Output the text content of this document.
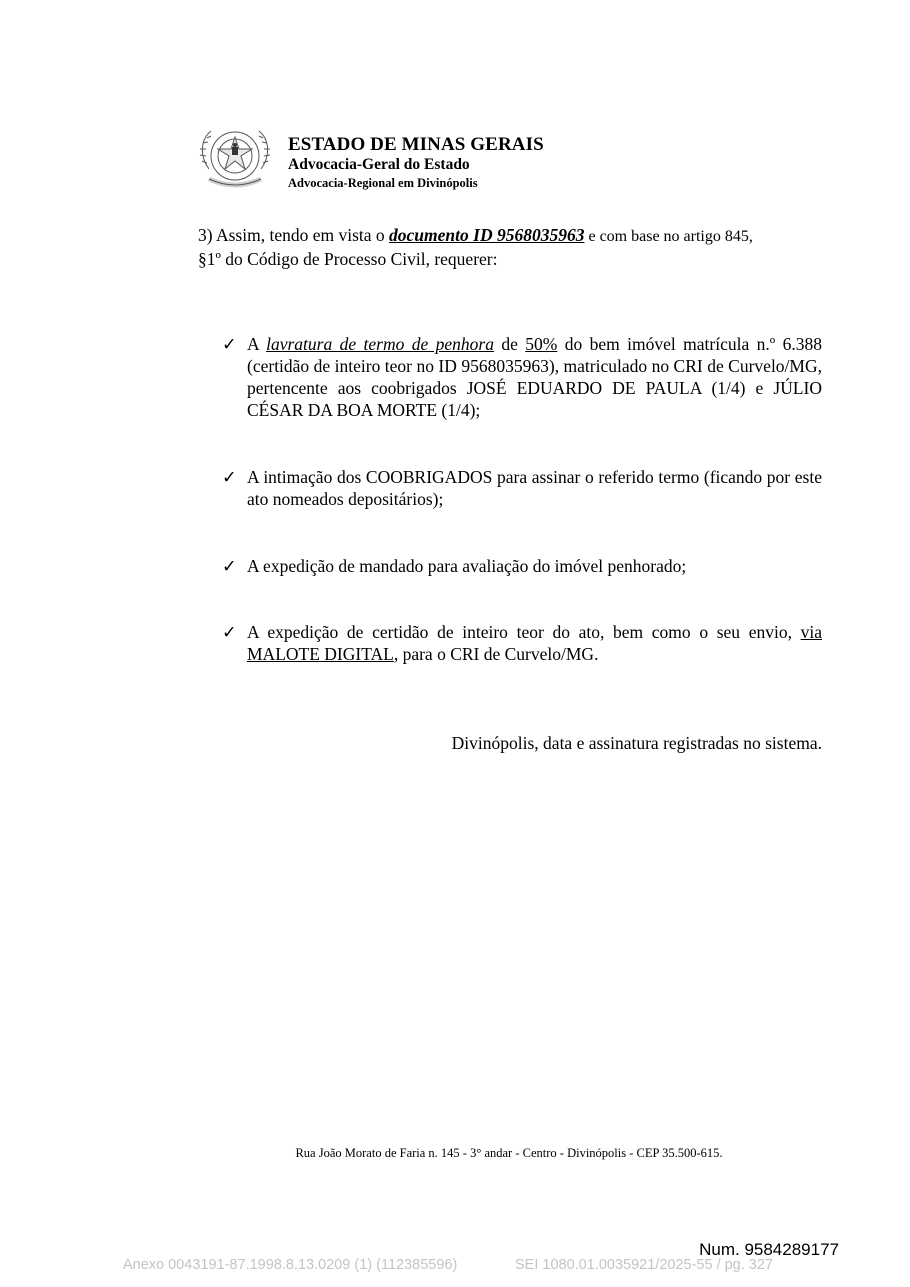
ESTADO DE MINAS GERAIS
Advocacia-Geral do Estado
Advocacia-Regional em Divinópolis
3) Assim, tendo em vista o documento ID 9568035963 e com base no artigo 845,
§1º do Código de Processo Civil, requerer:
✓ A lavratura de termo de penhora de 50% do bem imóvel matrícula n.º 6.388 (certidão de inteiro teor no ID 9568035963), matriculado no CRI de Curvelo/MG, pertencente aos coobrigados JOSÉ EDUARDO DE PAULA (1/4) e JÚLIO CÉSAR DA BOA MORTE (1/4);
✓ A intimação dos COOBRIGADOS para assinar o referido termo (ficando por este ato nomeados depositários);
✓ A expedição de mandado para avaliação do imóvel penhorado;
✓ A expedição de certidão de inteiro teor do ato, bem como o seu envio, via MALOTE DIGITAL, para o CRI de Curvelo/MG.
Divinópolis, data e assinatura registradas no sistema.
Rua João Morato de Faria n. 145 - 3° andar - Centro - Divinópolis - CEP 35.500-615.
Num. 9584289177
Anexo 0043191-87.1998.8.13.0209 (1) (112385596)	SEI 1080.01.0035921/2025-55 / pg. 327
